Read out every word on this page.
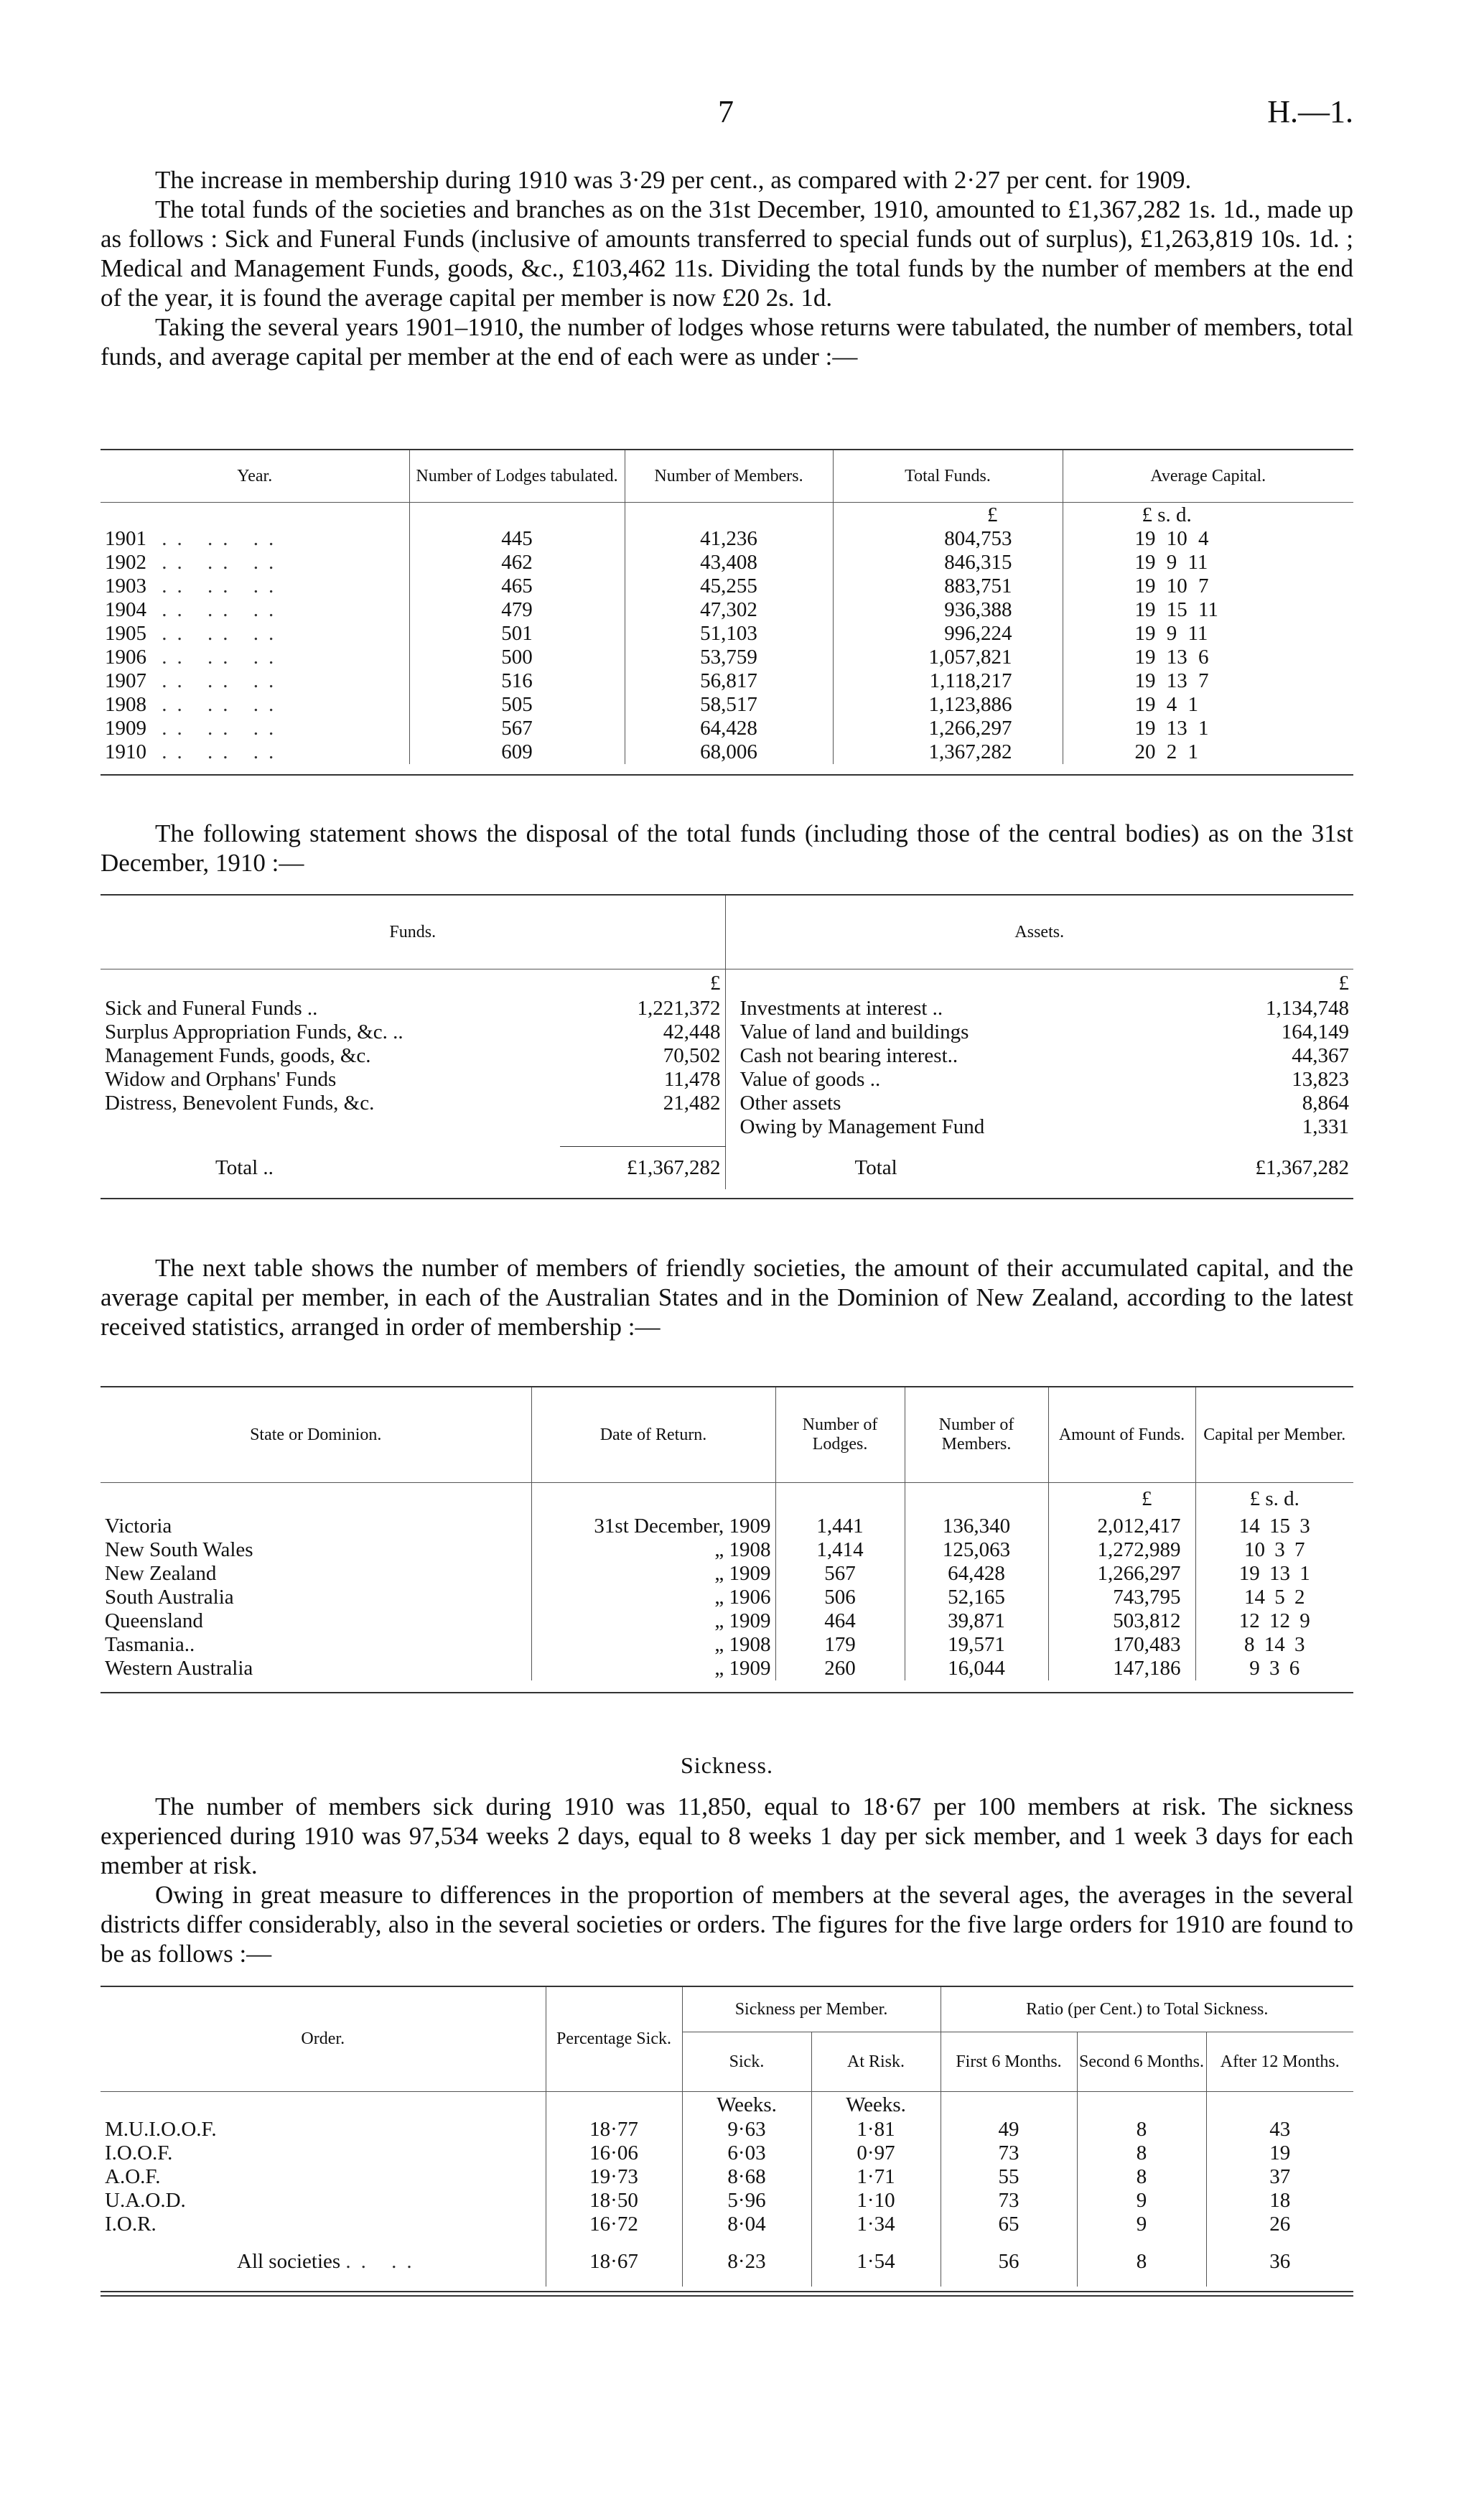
7	H.—1.

The increase in membership during 1910 was 3·29 per cent., as compared with 2·27 per cent. for 1909.

The total funds of the societies and branches as on the 31st December, 1910, amounted to £1,367,282 1s. 1d., made up as follows : Sick and Funeral Funds (inclusive of amounts transferred to special funds out of surplus), £1,263,819 10s. 1d. ; Medical and Management Funds, goods, &c., £103,462 11s. Dividing the total funds by the number of members at the end of the year, it is found the average capital per member is now £20 2s. 1d.

Taking the several years 1901–1910, the number of lodges whose returns were tabulated, the number of members, total funds, and average capital per member at the end of each were as under :—

Year.	Number of Lodges tabulated.	Number of Members.	Total Funds.	Average Capital.
			£	£ s. d.
1901 .. .. ..	445	41,236	804,753	19 10 4
1902 .. .. ..	462	43,408	846,315	19 9 11
1903 .. .. ..	465	45,255	883,751	19 10 7
1904 .. .. ..	479	47,302	936,388	19 15 11
1905 .. .. ..	501	51,103	996,224	19 9 11
1906 .. .. ..	500	53,759	1,057,821	19 13 6
1907 .. .. ..	516	56,817	1,118,217	19 13 7
1908 .. .. ..	505	58,517	1,123,886	19 4 1
1909 .. .. ..	567	64,428	1,266,297	19 13 1
1910 .. .. ..	609	68,006	1,367,282	20 2 1

The following statement shows the disposal of the total funds (including those of the central bodies) as on the 31st December, 1910 :—

Funds.		Assets.	
	£		£
Sick and Funeral Funds ..	1,221,372	Investments at interest ..	1,134,748
Surplus Appropriation Funds, &c. ..	42,448	Value of land and buildings	164,149
Management Funds, goods, &c.	70,502	Cash not bearing interest..	44,367
Widow and Orphans' Funds	11,478	Value of goods ..	13,823
Distress, Benevolent Funds, &c.	21,482	Other assets	8,864
		Owing by Management Fund	1,331

Total ..	£1,367,282	Total	£1,367,282

The next table shows the number of members of friendly societies, the amount of their accumulated capital, and the average capital per member, in each of the Australian States and in the Dominion of New Zealand, according to the latest received statistics, arranged in order of membership :—

State or Dominion.	Date of Return.	Number of Lodges.	Number of Members.	Amount of Funds.	Capital per Member.
				£	£ s. d.
Victoria	31st December, 1909	1,441	136,340	2,012,417	14 15 3
New South Wales	„ 1908	1,414	125,063	1,272,989	10 3 7
New Zealand	„ 1909	567	64,428	1,266,297	19 13 1
South Australia	„ 1906	506	52,165	743,795	14 5 2
Queensland	„ 1909	464	39,871	503,812	12 12 9
Tasmania..	„ 1908	179	19,571	170,483	8 14 3
Western Australia	„ 1909	260	16,044	147,186	9 3 6
Sickness.

The number of members sick during 1910 was 11,850, equal to 18·67 per 100 members at risk. The sickness experienced during 1910 was 97,534 weeks 2 days, equal to 8 weeks 1 day per sick member, and 1 week 3 days for each member at risk.

Owing in great measure to differences in the proportion of members at the several ages, the averages in the several districts differ considerably, also in the several societies or orders. The figures for the five large orders for 1910 are found to be as follows :—

Order.	Percentage Sick.	Sickness per Member.		Ratio (per Cent.) to Total Sickness.		
		Sick.	At Risk.	First 6 Months.	Second 6 Months.	After 12 Months.
		Weeks.	Weeks.			
M.U.I.O.O.F.	18·77	9·63	1·81	49	8	43
I.O.O.F.	16·06	6·03	0·97	73	8	19
A.O.F.	19·73	8·68	1·71	55	8	37
U.A.O.D.	18·50	5·96	1·10	73	9	18
I.O.R.	16·72	8·04	1·34	65	9	26
All societies .. ..	18·67	8·23	1·54	56	8	36
